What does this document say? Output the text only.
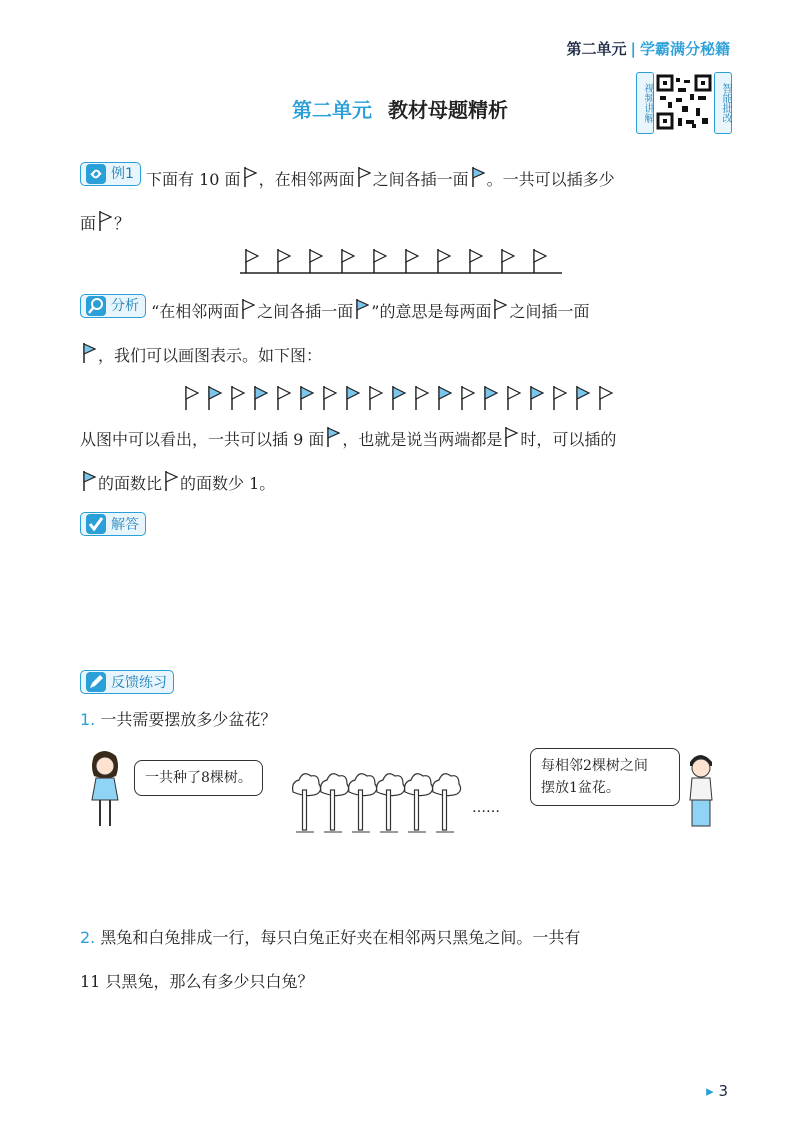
第二单元 | 学霸满分秘籍
视频讲解	智能批改
第二单元 教材母题精析
例1 下面有 10 面 ，在相邻两面 之间各插一面 。一共可以插多少
面 ？
分析 “在相邻两面 之间各插一面 ”的意思是每两面 之间插一面
，我们可以画图表示。如下图：
从图中可以看出，一共可以插 9 面 ，也就是说当两端都是 时，可以插的
的面数比 的面数少 1。
解答
反馈练习
1. 一共需要摆放多少盆花？
一共种了8棵树。
……
每相邻2棵树之间
摆放1盆花。
2. 黑兔和白兔排成一行，每只白兔正好夹在相邻两只黑兔之间。一共有
11 只黑兔，那么有多少只白兔？
▸ 3
